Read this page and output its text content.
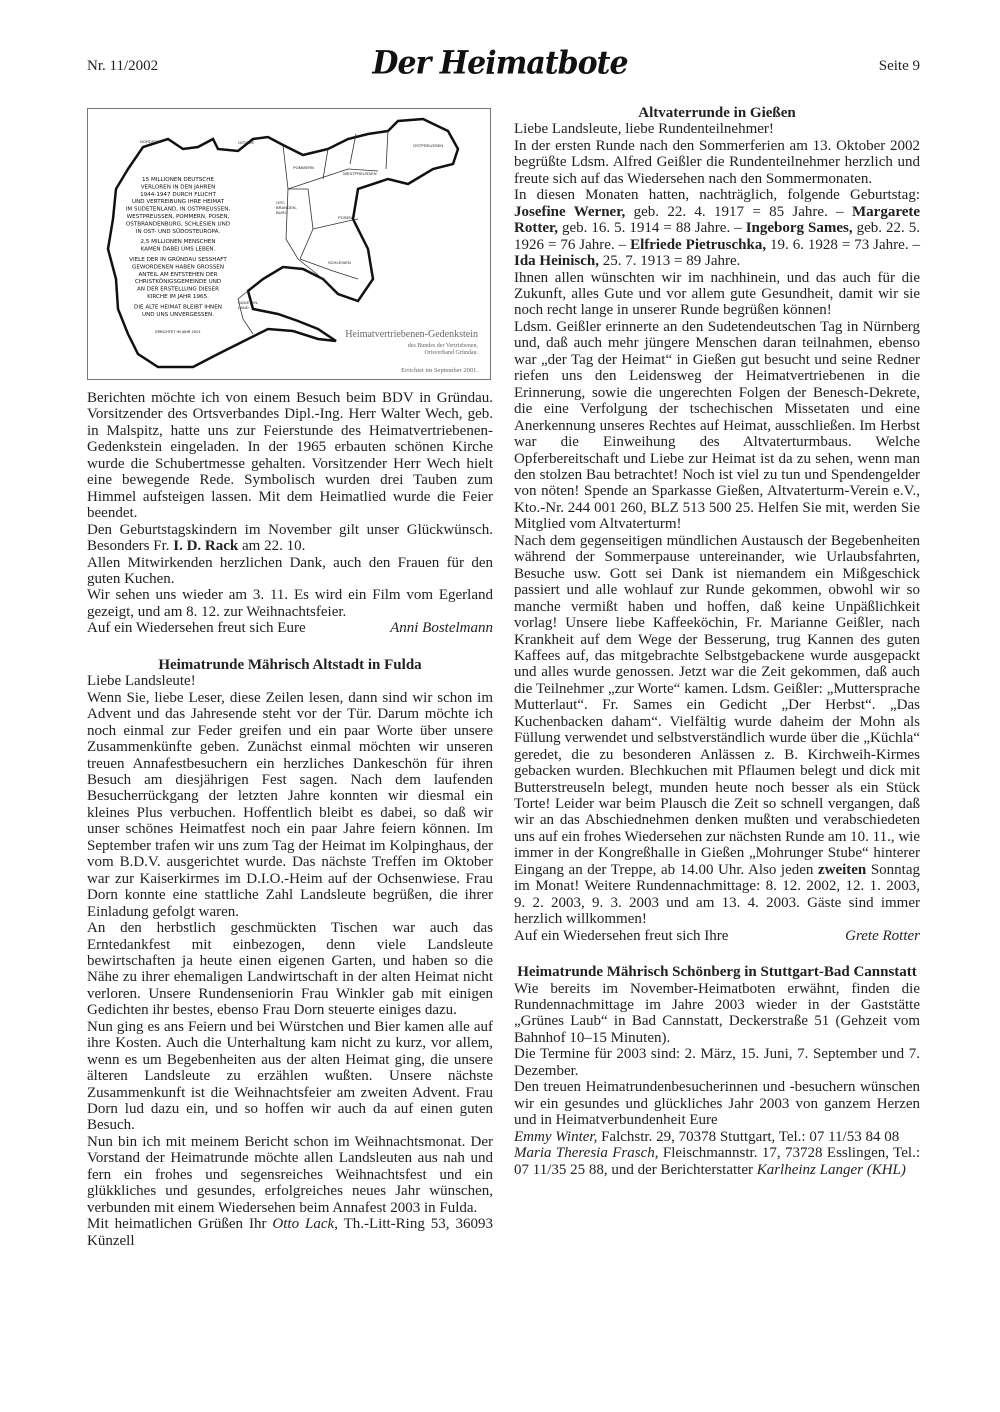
Nr. 11/2002	Der Heimatbote	Seite 9
NORDSEE	OSTSEE
POMMERN
WESTPREUSSEN
OSTPREUSSEN
OST-
BRANDEN-
BURG
POSEN
SCHLESIEN
SUDETEN-
LAND
15 MILLIONEN DEUTSCHE
VERLOREN IN DEN JAHREN
1944-1947 DURCH FLUCHT
UND VERTREIBUNG IHRE HEIMAT
IM SUDETENLAND, IN OSTPREUSSEN,
WESTPREUSSEN, POMMERN, POSEN,
OSTBRANDENBURG, SCHLESIEN UND
IN OST- UND SÜDOSTEUROPA.
2,5 MILLIONEN MENSCHEN
KAMEN DABEI UMS LEBEN.
VIELE DER IN GRÜNDAU SESSHAFT
GEWORDENEN HABEN GROSSEN
ANTEIL AM ENTSTEHEN DER
CHRISTKÖNIGSGEMEINDE UND
AN DER ERSTELLUNG DIESER
KIRCHE IM JAHR 1965.
DIE ALTE HEIMAT BLEIBT IHNEN
UND UNS UNVERGESSEN.
ERRICHTET IM JAHR 2001	Heimatvertriebenen-Gedenkstein
des Bundes der Vertriebenen,
Ortsverband Gründau.
Errichtet im September 2001.

Berichten möchte ich von einem Besuch beim BDV in Gründau. Vorsitzender des Ortsverbandes Dipl.-Ing. Herr Walter Wech, geb. in Malspitz, hatte uns zur Feierstunde des Heimatvertriebenen-Gedenkstein eingeladen. In der 1965 erbauten schönen Kirche wurde die Schubertmesse gehalten. Vorsitzender Herr Wech hielt eine bewegende Rede. Symbolisch wurden drei Tauben zum Himmel aufsteigen lassen. Mit dem Heimatlied wurde die Feier beendet.

Den Geburtstagskindern im November gilt unser Glückwünsch. Besonders Fr. I. D. Rack am 22. 10.

Allen Mitwirkenden herzlichen Dank, auch den Frauen für den guten Kuchen.

Wir sehen uns wieder am 3. 11. Es wird ein Film vom Egerland gezeigt, und am 8. 12. zur Weihnachtsfeier.

Auf ein Wiedersehen freut sich Eure	Anni Bostelmann
Heimatrunde Mährisch Altstadt in Fulda

Liebe Landsleute!

Wenn Sie, liebe Leser, diese Zeilen lesen, dann sind wir schon im Advent und das Jahresende steht vor der Tür. Darum möchte ich noch einmal zur Feder greifen und ein paar Worte über unsere Zusammenkünfte geben. Zunächst einmal möchten wir unseren treuen Annafestbesuchern ein herzliches Dankeschön für ihren Besuch am diesjährigen Fest sagen. Nach dem laufenden Besucherrückgang der letzten Jahre konnten wir diesmal ein kleines Plus verbuchen. Hoffentlich bleibt es dabei, so daß wir unser schönes Heimatfest noch ein paar Jahre feiern können. Im September trafen wir uns zum Tag der Heimat im Kolpinghaus, der vom B.D.V. ausgerichtet wurde. Das nächste Treffen im Oktober war zur Kaiserkirmes im D.I.O.-Heim auf der Ochsenwiese. Frau Dorn konnte eine stattliche Zahl Landsleute begrüßen, die ihrer Einladung gefolgt waren.

An den herbstlich geschmückten Tischen war auch das Erntedankfest mit einbezogen, denn viele Landsleute bewirtschaften ja heute einen eigenen Garten, und haben so die Nähe zu ihrer ehemaligen Landwirtschaft in der alten Heimat nicht verloren. Unsere Rundenseniorin Frau Winkler gab mit einigen Gedichten ihr bestes, ebenso Frau Dorn steuerte einiges dazu.

Nun ging es ans Feiern und bei Würstchen und Bier kamen alle auf ihre Kosten. Auch die Unterhaltung kam nicht zu kurz, vor allem, wenn es um Begebenheiten aus der alten Heimat ging, die unsere älteren Landsleute zu erzählen wußten. Unsere nächste Zusammenkunft ist die Weihnachtsfeier am zweiten Advent. Frau Dorn lud dazu ein, und so hoffen wir auch da auf einen guten Besuch.

Nun bin ich mit meinem Bericht schon im Weihnachtsmonat. Der Vorstand der Heimatrunde möchte allen Landsleuten aus nah und fern ein frohes und segensreiches Weihnachtsfest und ein glükkliches und gesundes, erfolgreiches neues Jahr wünschen, verbunden mit einem Wiedersehen beim Annafest 2003 in Fulda.

Mit heimatlichen Grüßen Ihr Otto Lack, Th.-Litt-Ring 53, 36093 Künzell

Altvaterrunde in Gießen

Liebe Landsleute, liebe Rundenteilnehmer!

In der ersten Runde nach den Sommerferien am 13. Oktober 2002 begrüßte Ldsm. Alfred Geißler die Rundenteilnehmer herzlich und freute sich auf das Wiedersehen nach den Sommermonaten.

In diesen Monaten hatten, nachträglich, folgende Geburtstag: Josefine Werner, geb. 22. 4. 1917 = 85 Jahre. – Margarete Rotter, geb. 16. 5. 1914 = 88 Jahre. – Ingeborg Sames, geb. 22. 5. 1926 = 76 Jahre. – Elfriede Pietruschka, 19. 6. 1928 = 73 Jahre. – Ida Heinisch, 25. 7. 1913 = 89 Jahre.

Ihnen allen wünschten wir im nachhinein, und das auch für die Zukunft, alles Gute und vor allem gute Gesundheit, damit wir sie noch recht lange in unserer Runde begrüßen können!

Ldsm. Geißler erinnerte an den Sudetendeutschen Tag in Nürnberg und, daß auch mehr jüngere Menschen daran teilnahmen, ebenso war „der Tag der Heimat“ in Gießen gut besucht und seine Redner riefen uns den Leidensweg der Heimatvertriebenen in die Erinnerung, sowie die ungerechten Folgen der Benesch-Dekrete, die eine Verfolgung der tschechischen Missetaten und eine Anerkennung unseres Rechtes auf Heimat, ausschließen. Im Herbst war die Einweihung des Altvaterturmbaus. Welche Opferbereitschaft und Liebe zur Heimat ist da zu sehen, wenn man den stolzen Bau betrachtet! Noch ist viel zu tun und Spendengelder von nöten! Spende an Sparkasse Gießen, Altvaterturm-Verein e.V., Kto.-Nr. 244 001 260, BLZ 513 500 25. Helfen Sie mit, werden Sie Mitglied vom Altvaterturm!

Nach dem gegenseitigen mündlichen Austausch der Begebenheiten während der Sommerpause untereinander, wie Urlaubsfahrten, Besuche usw. Gott sei Dank ist niemandem ein Mißgeschick passiert und alle wohlauf zur Runde gekommen, obwohl wir so manche vermißt haben und hoffen, daß keine Unpäßlichkeit vorlag! Unsere liebe Kaffeeköchin, Fr. Marianne Geißler, nach Krankheit auf dem Wege der Besserung, trug Kannen des guten Kaffees auf, das mitgebrachte Selbstgebackene wurde ausgepackt und alles wurde genossen. Jetzt war die Zeit gekommen, daß auch die Teilnehmer „zur Worte“ kamen. Ldsm. Geißler: „Muttersprache Mutterlaut“. Fr. Sames ein Gedicht „Der Herbst“. „Das Kuchenbacken daham“. Vielfältig wurde daheim der Mohn als Füllung verwendet und selbstverständlich wurde über die „Küchla“ geredet, die zu besonderen Anlässen z. B. Kirchweih-Kirmes gebacken wurden. Blechkuchen mit Pflaumen belegt und dick mit Butterstreuseln belegt, munden heute noch besser als ein Stück Torte! Leider war beim Plausch die Zeit so schnell vergangen, daß wir an das Abschiednehmen denken mußten und verabschiedeten uns auf ein frohes Wiedersehen zur nächsten Runde am 10. 11., wie immer in der Kongreßhalle in Gießen „Mohrunger Stube“ hinterer Eingang an der Treppe, ab 14.00 Uhr. Also jeden zweiten Sonntag im Monat! Weitere Rundennachmittage: 8. 12. 2002, 12. 1. 2003, 9. 2. 2003, 9. 3. 2003 und am 13. 4. 2003. Gäste sind immer herzlich willkommen!

Auf ein Wiedersehen freut sich Ihre	Grete Rotter
Heimatrunde Mährisch Schönberg in Stuttgart-Bad Cannstatt

Wie bereits im November-Heimatboten erwähnt, finden die Rundennachmittage im Jahre 2003 wieder in der Gaststätte „Grünes Laub“ in Bad Cannstatt, Deckerstraße 51 (Gehzeit vom Bahnhof 10–15 Minuten).

Die Termine für 2003 sind: 2. März, 15. Juni, 7. September und 7. Dezember.

Den treuen Heimatrundenbesucherinnen und -besuchern wünschen wir ein gesundes und glückliches Jahr 2003 von ganzem Herzen und in Heimatverbundenheit Eure

Emmy Winter, Falchstr. 29, 70378 Stuttgart, Tel.: 07 11/53 84 08

Maria Theresia Frasch, Fleischmannstr. 17, 73728 Esslingen, Tel.: 07 11/35 25 88, und der Berichterstatter Karlheinz Langer (KHL)
